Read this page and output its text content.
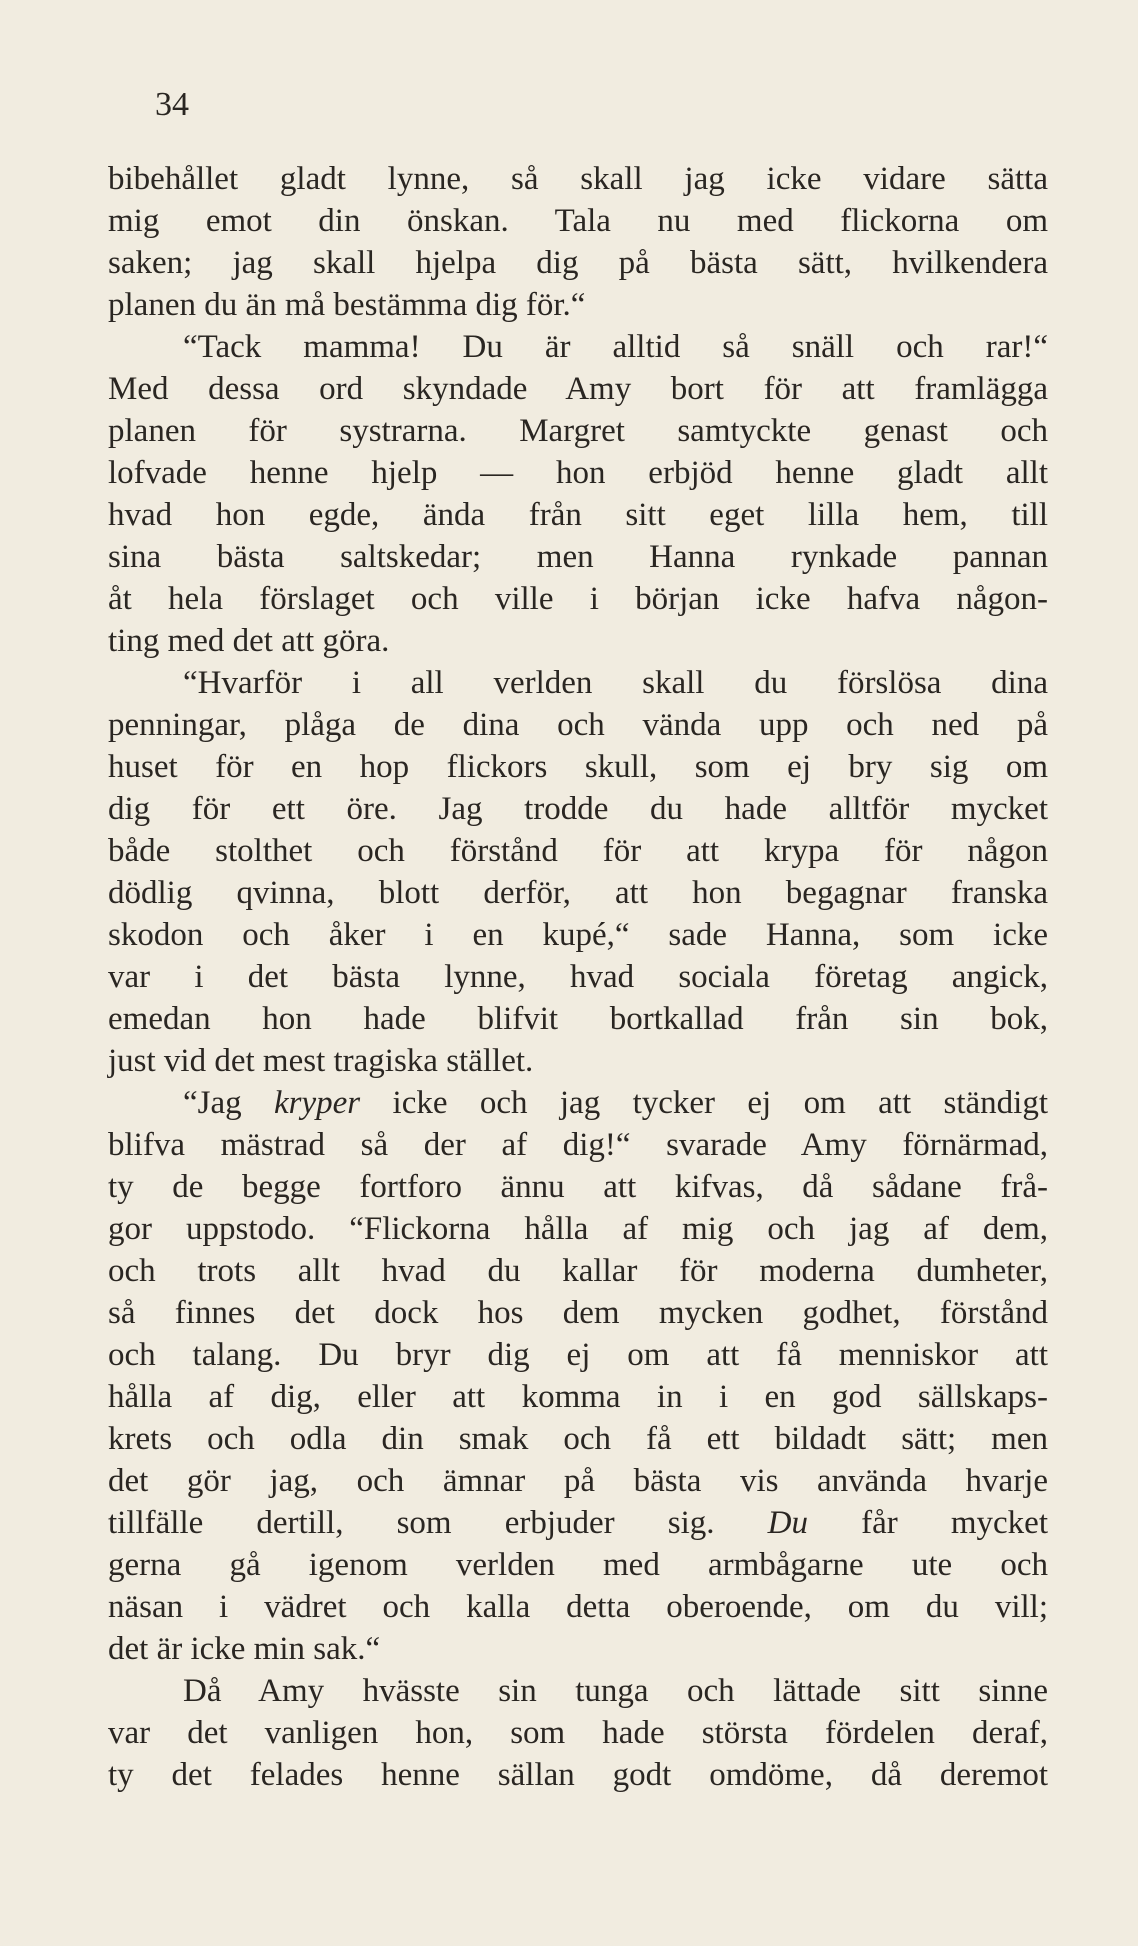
34
bibehållet gladt lynne, så skall jag icke vidare sätta
mig emot din önskan. Tala nu med flickorna om
saken; jag skall hjelpa dig på bästa sätt, hvilkendera
planen du än må bestämma dig för.“
“Tack mamma! Du är alltid så snäll och rar!“
Med dessa ord skyndade Amy bort för att framlägga
planen för systrarna. Margret samtyckte genast och
lofvade henne hjelp — hon erbjöd henne gladt allt
hvad hon egde, ända från sitt eget lilla hem, till
sina bästa saltskedar; men Hanna rynkade pannan
åt hela förslaget och ville i början icke hafva någon-
ting med det att göra.
“Hvarför i all verlden skall du förslösa dina
penningar, plåga de dina och vända upp och ned på
huset för en hop flickors skull, som ej bry sig om
dig för ett öre. Jag trodde du hade alltför mycket
både stolthet och förstånd för att krypa för någon
dödlig qvinna, blott derför, att hon begagnar franska
skodon och åker i en kupé,“ sade Hanna, som icke
var i det bästa lynne, hvad sociala företag angick,
emedan hon hade blifvit bortkallad från sin bok,
just vid det mest tragiska stället.
“Jag kryper icke och jag tycker ej om att ständigt
blifva mästrad så der af dig!“ svarade Amy förnärmad,
ty de begge fortforo ännu att kifvas, då sådane frå-
gor uppstodo. “Flickorna hålla af mig och jag af dem,
och trots allt hvad du kallar för moderna dumheter,
så finnes det dock hos dem mycken godhet, förstånd
och talang. Du bryr dig ej om att få menniskor att
hålla af dig, eller att komma in i en god sällskaps-
krets och odla din smak och få ett bildadt sätt; men
det gör jag, och ämnar på bästa vis använda hvarje
tillfälle dertill, som erbjuder sig. Du får mycket
gerna gå igenom verlden med armbågarne ute och
näsan i vädret och kalla detta oberoende, om du vill;
det är icke min sak.“
Då Amy hvässte sin tunga och lättade sitt sinne
var det vanligen hon, som hade största fördelen deraf,
ty det felades henne sällan godt omdöme, då deremot
